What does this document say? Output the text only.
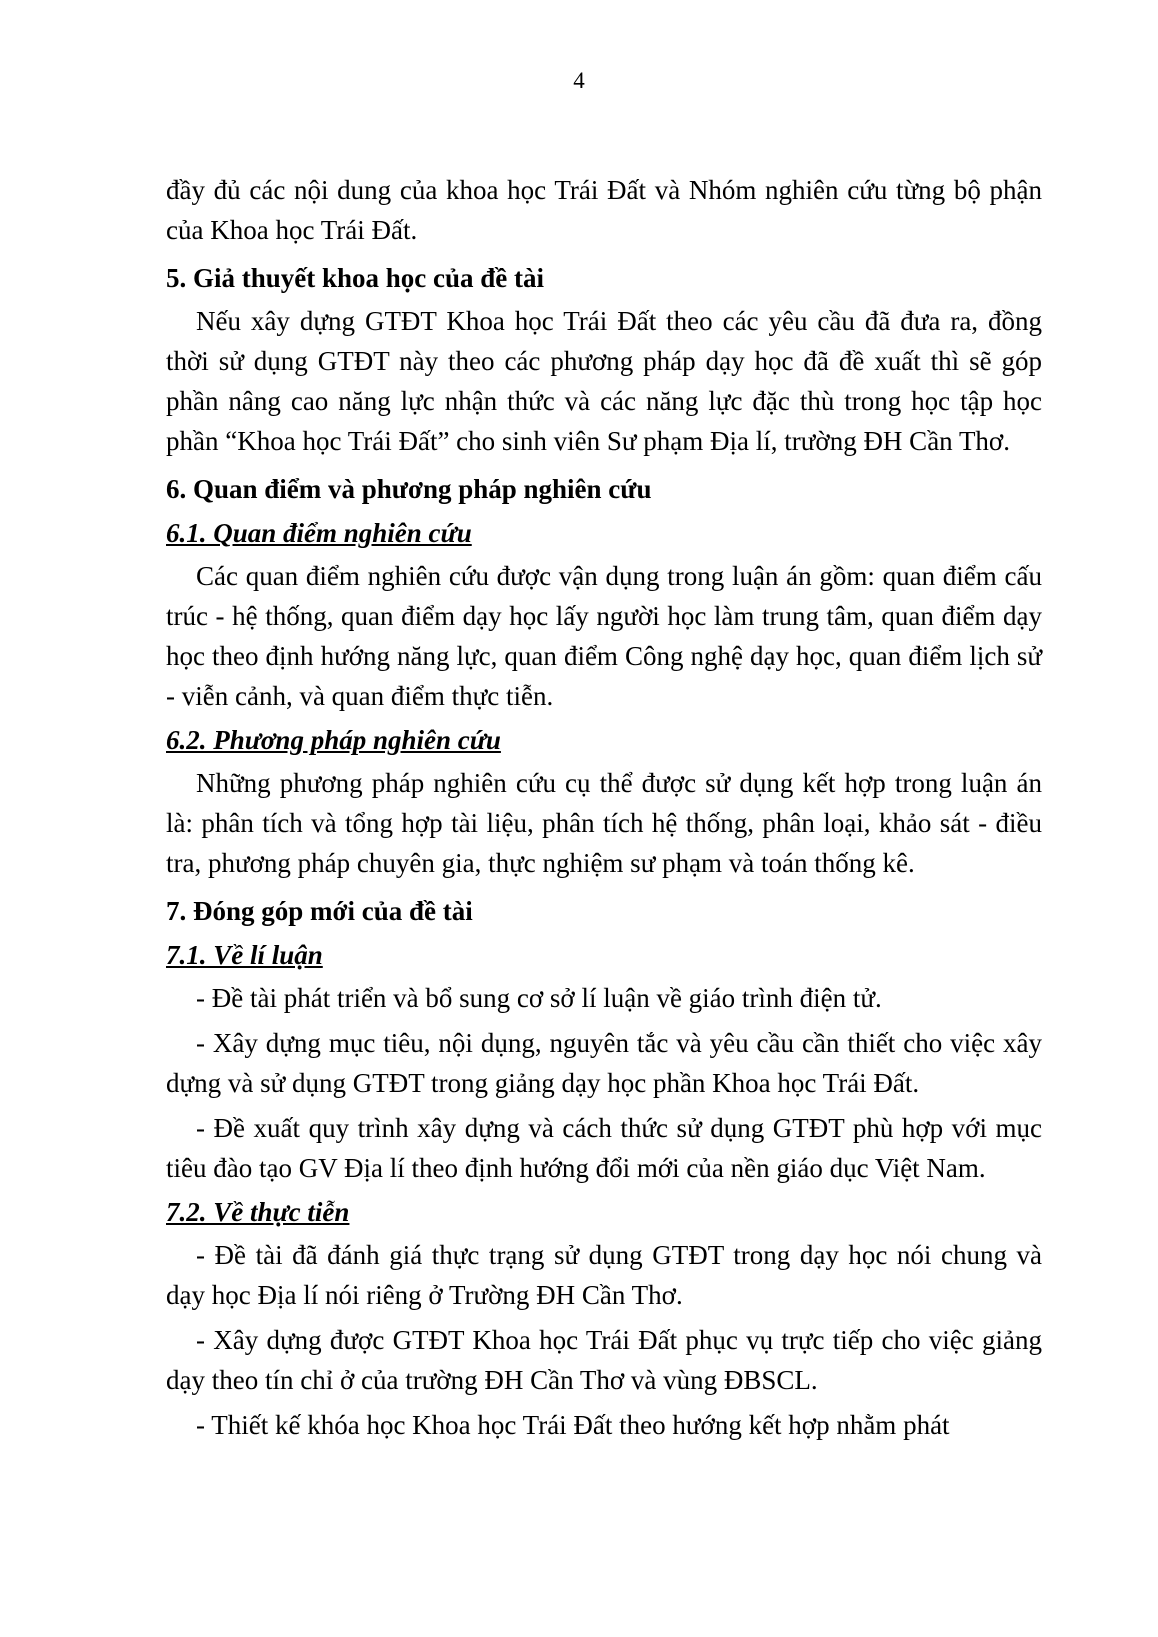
4

đầy đủ các nội dung của khoa học Trái Đất và Nhóm nghiên cứu từng bộ phận của Khoa học Trái Đất.

5. Giả thuyết khoa học của đề tài

Nếu xây dựng GTĐT Khoa học Trái Đất theo các yêu cầu đã đưa ra, đồng thời sử dụng GTĐT này theo các phương pháp dạy học đã đề xuất thì sẽ góp phần nâng cao năng lực nhận thức và các năng lực đặc thù trong học tập học phần “Khoa học Trái Đất” cho sinh viên Sư phạm Địa lí, trường ĐH Cần Thơ.

6. Quan điểm và phương pháp nghiên cứu

6.1. Quan điểm nghiên cứu

Các quan điểm nghiên cứu được vận dụng trong luận án gồm: quan điểm cấu trúc - hệ thống, quan điểm dạy học lấy người học làm trung tâm, quan điểm dạy học theo định hướng năng lực, quan điểm Công nghệ dạy học, quan điểm lịch sử - viễn cảnh, và quan điểm thực tiễn.

6.2. Phương pháp nghiên cứu

Những phương pháp nghiên cứu cụ thể được sử dụng kết hợp trong luận án là: phân tích và tổng hợp tài liệu, phân tích hệ thống, phân loại, khảo sát - điều tra, phương pháp chuyên gia, thực nghiệm sư phạm và toán thống kê.

7. Đóng góp mới của đề tài

7.1. Về lí luận

- Đề tài phát triển và bổ sung cơ sở lí luận về giáo trình điện tử.

- Xây dựng mục tiêu, nội dụng, nguyên tắc và yêu cầu cần thiết cho việc xây dựng và sử dụng GTĐT trong giảng dạy học phần Khoa học Trái Đất.

- Đề xuất quy trình xây dựng và cách thức sử dụng GTĐT phù hợp với mục tiêu đào tạo GV Địa lí theo định hướng đổi mới của nền giáo dục Việt Nam.

7.2. Về thực tiễn

- Đề tài đã đánh giá thực trạng sử dụng GTĐT trong dạy học nói chung và dạy học Địa lí nói riêng ở Trường ĐH Cần Thơ.

- Xây dựng được GTĐT Khoa học Trái Đất phục vụ trực tiếp cho việc giảng dạy theo tín chỉ ở của trường ĐH Cần Thơ và vùng ĐBSCL.

- Thiết kế khóa học Khoa học Trái Đất theo hướng kết hợp nhằm phát
